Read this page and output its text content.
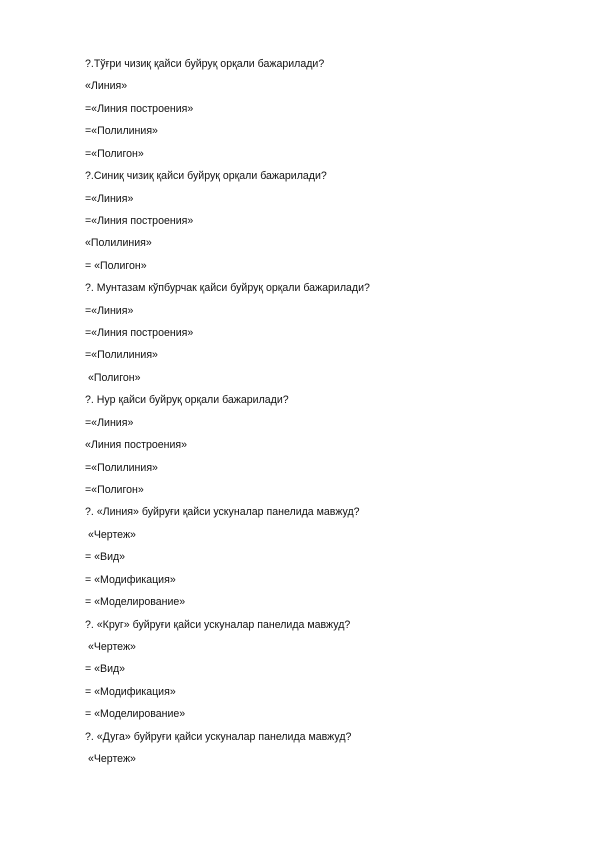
?.Тўғри чизиқ қайси буйруқ орқали бажарилади?
«Линия»
=«Линия построения»
=«Полилиния»
=«Полигон»
?.Синиқ чизиқ қайси буйруқ орқали бажарилади?
=«Линия»
=«Линия построения»
«Полилиния»
= «Полигон»
?. Мунтазам кўпбурчак қайси буйруқ орқали бажарилади?
=«Линия»
=«Линия построения»
=«Полилиния»
«Полигон»
?. Нур қайси буйруқ орқали бажарилади?
=«Линия»
«Линия построения»
=«Полилиния»
=«Полигон»
?. «Линия» буйруғи қайси ускуналар панелида мавжуд?
«Чертеж»
= «Вид»
= «Модификация»
= «Моделирование»
?. «Круг» буйруғи қайси ускуналар панелида мавжуд?
«Чертеж»
= «Вид»
= «Модификация»
= «Моделирование»
?. «Дуга» буйруғи қайси ускуналар панелида мавжуд?
«Чертеж»
